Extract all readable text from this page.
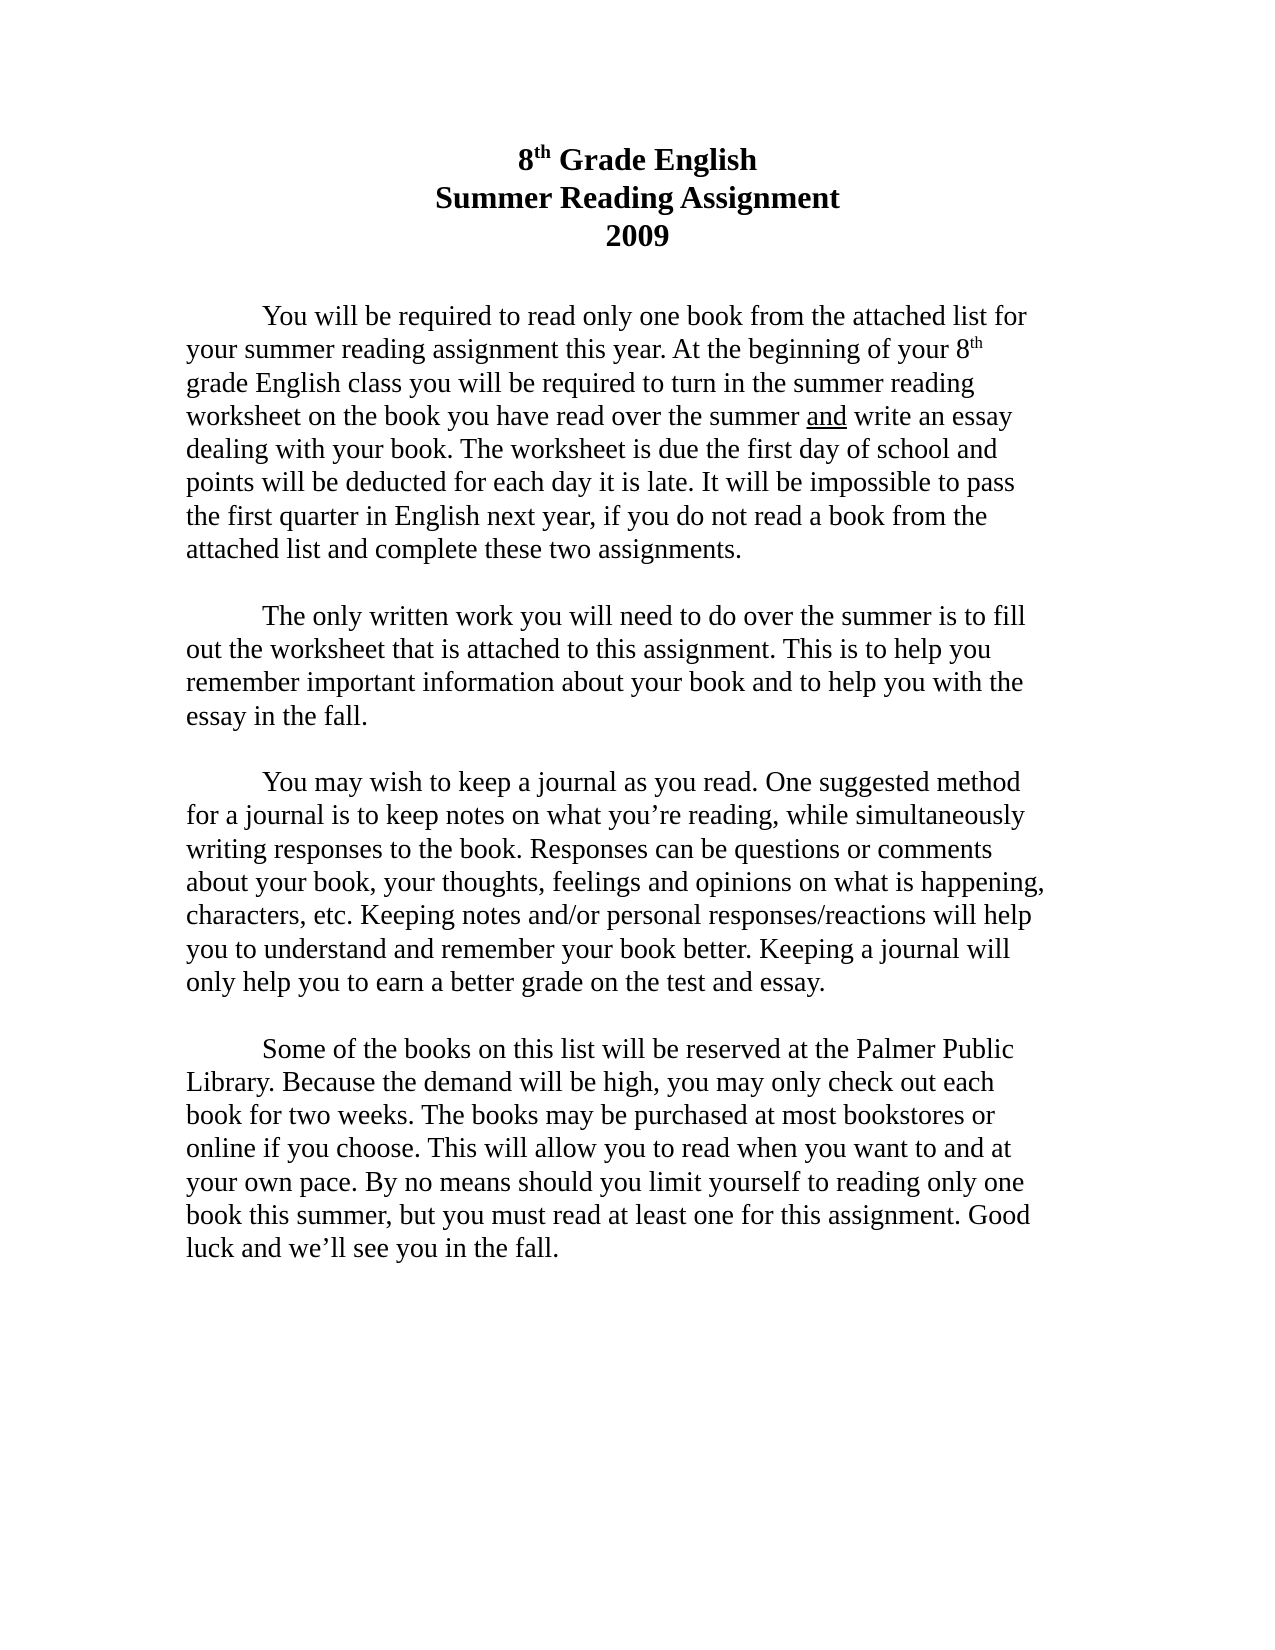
8th Grade English
Summer Reading Assignment
2009
You will be required to read only one book from the attached list for
your summer reading assignment this year. At the beginning of your 8th
grade English class you will be required to turn in the summer reading
worksheet on the book you have read over the summer and write an essay
dealing with your book. The worksheet is due the first day of school and
points will be deducted for each day it is late. It will be impossible to pass
the first quarter in English next year, if you do not read a book from the
attached list and complete these two assignments.
The only written work you will need to do over the summer is to fill
out the worksheet that is attached to this assignment. This is to help you
remember important information about your book and to help you with the
essay in the fall.
You may wish to keep a journal as you read. One suggested method
for a journal is to keep notes on what you’re reading, while simultaneously
writing responses to the book. Responses can be questions or comments
about your book, your thoughts, feelings and opinions on what is happening,
characters, etc. Keeping notes and/or personal responses/reactions will help
you to understand and remember your book better. Keeping a journal will
only help you to earn a better grade on the test and essay.
Some of the books on this list will be reserved at the Palmer Public
Library. Because the demand will be high, you may only check out each
book for two weeks. The books may be purchased at most bookstores or
online if you choose. This will allow you to read when you want to and at
your own pace. By no means should you limit yourself to reading only one
book this summer, but you must read at least one for this assignment. Good
luck and we’ll see you in the fall.
